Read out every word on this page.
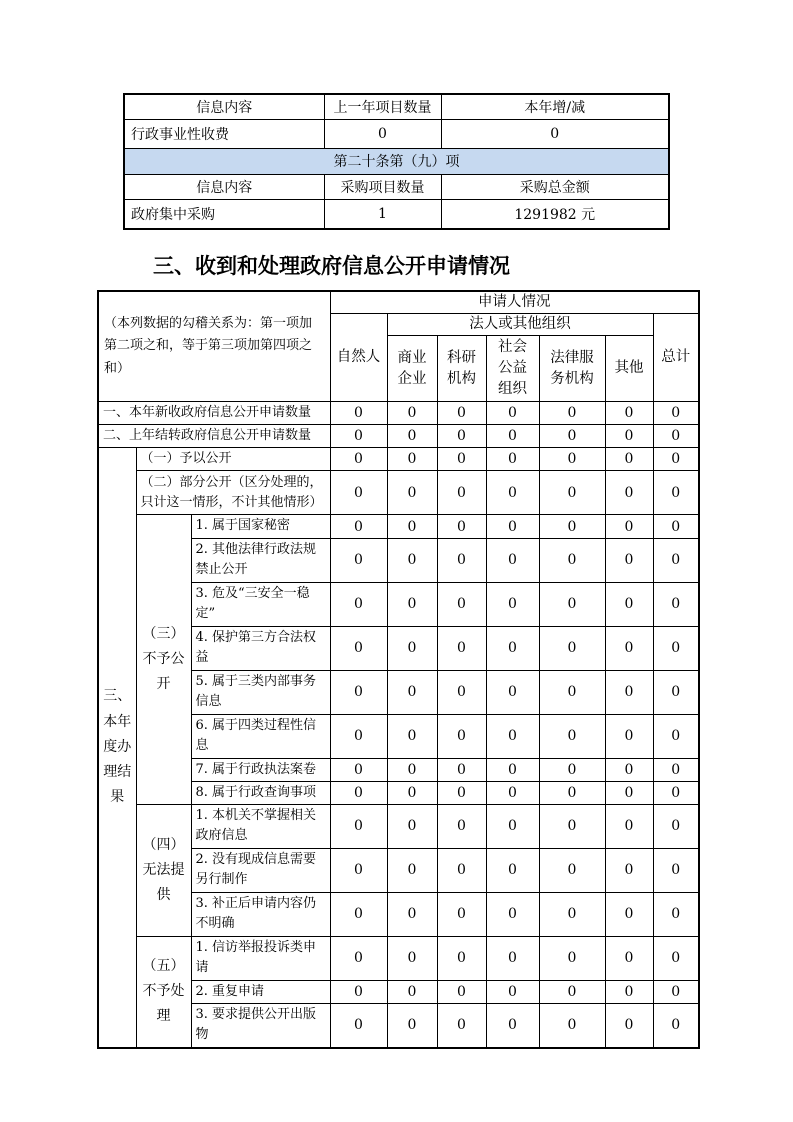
信息内容	上一年项目数量	本年增/减
行政事业性收费	0	0
第二十条第（九）项		
信息内容	采购项目数量	采购总金额
政府集中采购	1	1291982 元
三、收到和处理政府信息公开申请情况
（本列数据的勾稽关系为：第一项加第二项之和，等于第三项加第四项之和）			申请人情况						
			自然人	法人或其他组织					总计
				商业企业	科研机构	社会公益组织	法律服务机构	其他	
一、本年新收政府信息公开申请数量			0	0	0	0	0	0	0
二、上年结转政府信息公开申请数量			0	0	0	0	0	0	0
三、本年度办理结果	（一）予以公开		0	0	0	0	0	0	0
	（二）部分公开（区分处理的，只计这一情形，不计其他情形）		0	0	0	0	0	0	0
	（三）不予公开	1. 属于国家秘密	0	0	0	0	0	0	0
		2. 其他法律行政法规禁止公开	0	0	0	0	0	0	0
		3. 危及“三安全一稳定”	0	0	0	0	0	0	0
		4. 保护第三方合法权益	0	0	0	0	0	0	0
		5. 属于三类内部事务信息	0	0	0	0	0	0	0
		6. 属于四类过程性信息	0	0	0	0	0	0	0
		7. 属于行政执法案卷	0	0	0	0	0	0	0
		8. 属于行政查询事项	0	0	0	0	0	0	0
	（四）无法提供	1. 本机关不掌握相关政府信息	0	0	0	0	0	0	0
		2. 没有现成信息需要另行制作	0	0	0	0	0	0	0
		3. 补正后申请内容仍不明确	0	0	0	0	0	0	0
	（五）不予处理	1. 信访举报投诉类申请	0	0	0	0	0	0	0
		2. 重复申请	0	0	0	0	0	0	0
		3. 要求提供公开出版物	0	0	0	0	0	0	0
